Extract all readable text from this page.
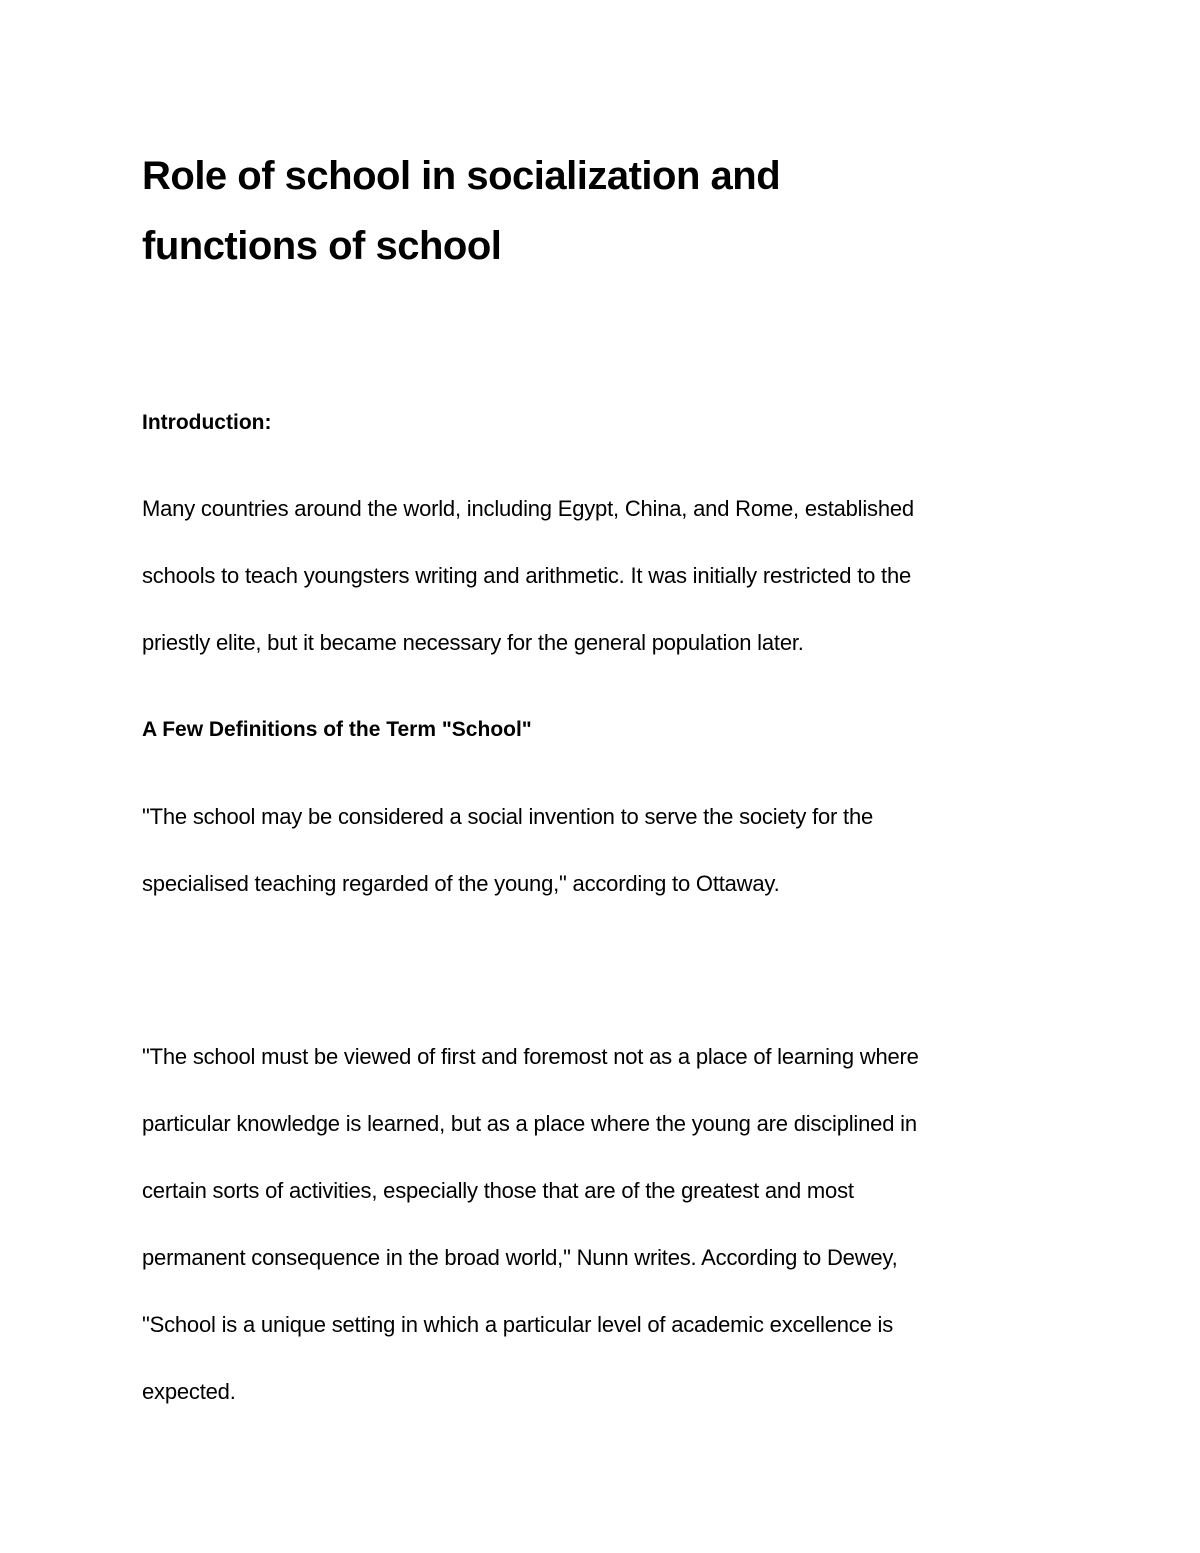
Role of school in socialization and
functions of school
Introduction:

Many countries around the world, including Egypt, China, and Rome, established

schools to teach youngsters writing and arithmetic. It was initially restricted to the

priestly elite, but it became necessary for the general population later.

A Few Definitions of the Term "School"

"The school may be considered a social invention to serve the society for the

specialised teaching regarded of the young," according to Ottaway.

"The school must be viewed of first and foremost not as a place of learning where

particular knowledge is learned, but as a place where the young are disciplined in

certain sorts of activities, especially those that are of the greatest and most

permanent consequence in the broad world," Nunn writes. According to Dewey,

"School is a unique setting in which a particular level of academic excellence is

expected.
